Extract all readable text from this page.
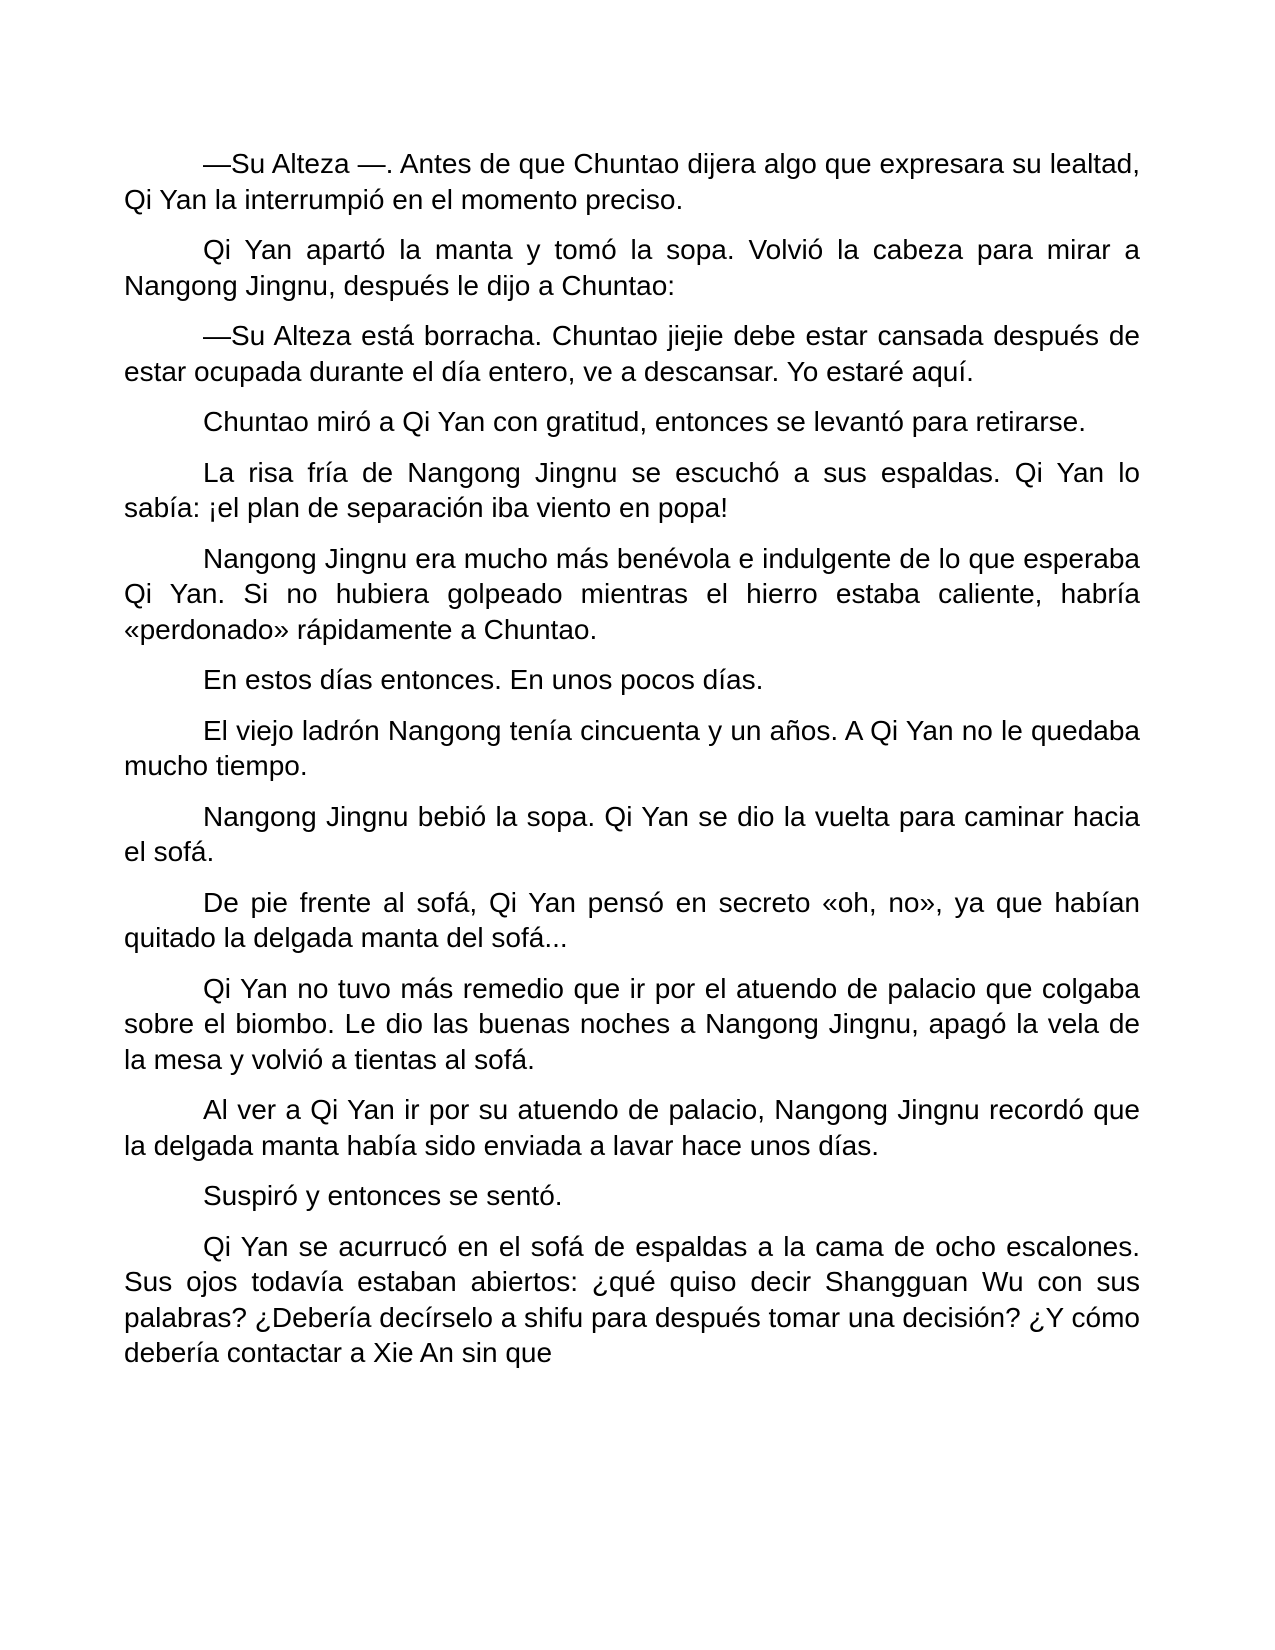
—Su Alteza —. Antes de que Chuntao dijera algo que expresara su lealtad, Qi Yan la interrumpió en el momento preciso.

Qi Yan apartó la manta y tomó la sopa. Volvió la cabeza para mirar a Nangong Jingnu, después le dijo a Chuntao:

—Su Alteza está borracha. Chuntao jiejie debe estar cansada después de estar ocupada durante el día entero, ve a descansar. Yo estaré aquí.

Chuntao miró a Qi Yan con gratitud, entonces se levantó para retirarse.

La risa fría de Nangong Jingnu se escuchó a sus espaldas. Qi Yan lo sabía: ¡el plan de separación iba viento en popa!

Nangong Jingnu era mucho más benévola e indulgente de lo que esperaba Qi Yan. Si no hubiera golpeado mientras el hierro estaba caliente, habría «perdonado» rápidamente a Chuntao.

En estos días entonces. En unos pocos días.

El viejo ladrón Nangong tenía cincuenta y un años. A Qi Yan no le quedaba mucho tiempo.

Nangong Jingnu bebió la sopa. Qi Yan se dio la vuelta para caminar hacia el sofá.

De pie frente al sofá, Qi Yan pensó en secreto «oh, no», ya que habían quitado la delgada manta del sofá...

Qi Yan no tuvo más remedio que ir por el atuendo de palacio que colgaba sobre el biombo. Le dio las buenas noches a Nangong Jingnu, apagó la vela de la mesa y volvió a tientas al sofá.

Al ver a Qi Yan ir por su atuendo de palacio, Nangong Jingnu recordó que la delgada manta había sido enviada a lavar hace unos días.

Suspiró y entonces se sentó.

Qi Yan se acurrucó en el sofá de espaldas a la cama de ocho escalones. Sus ojos todavía estaban abiertos: ¿qué quiso decir Shangguan Wu con sus palabras? ¿Debería decírselo a shifu para después tomar una decisión? ¿Y cómo debería contactar a Xie An sin que
